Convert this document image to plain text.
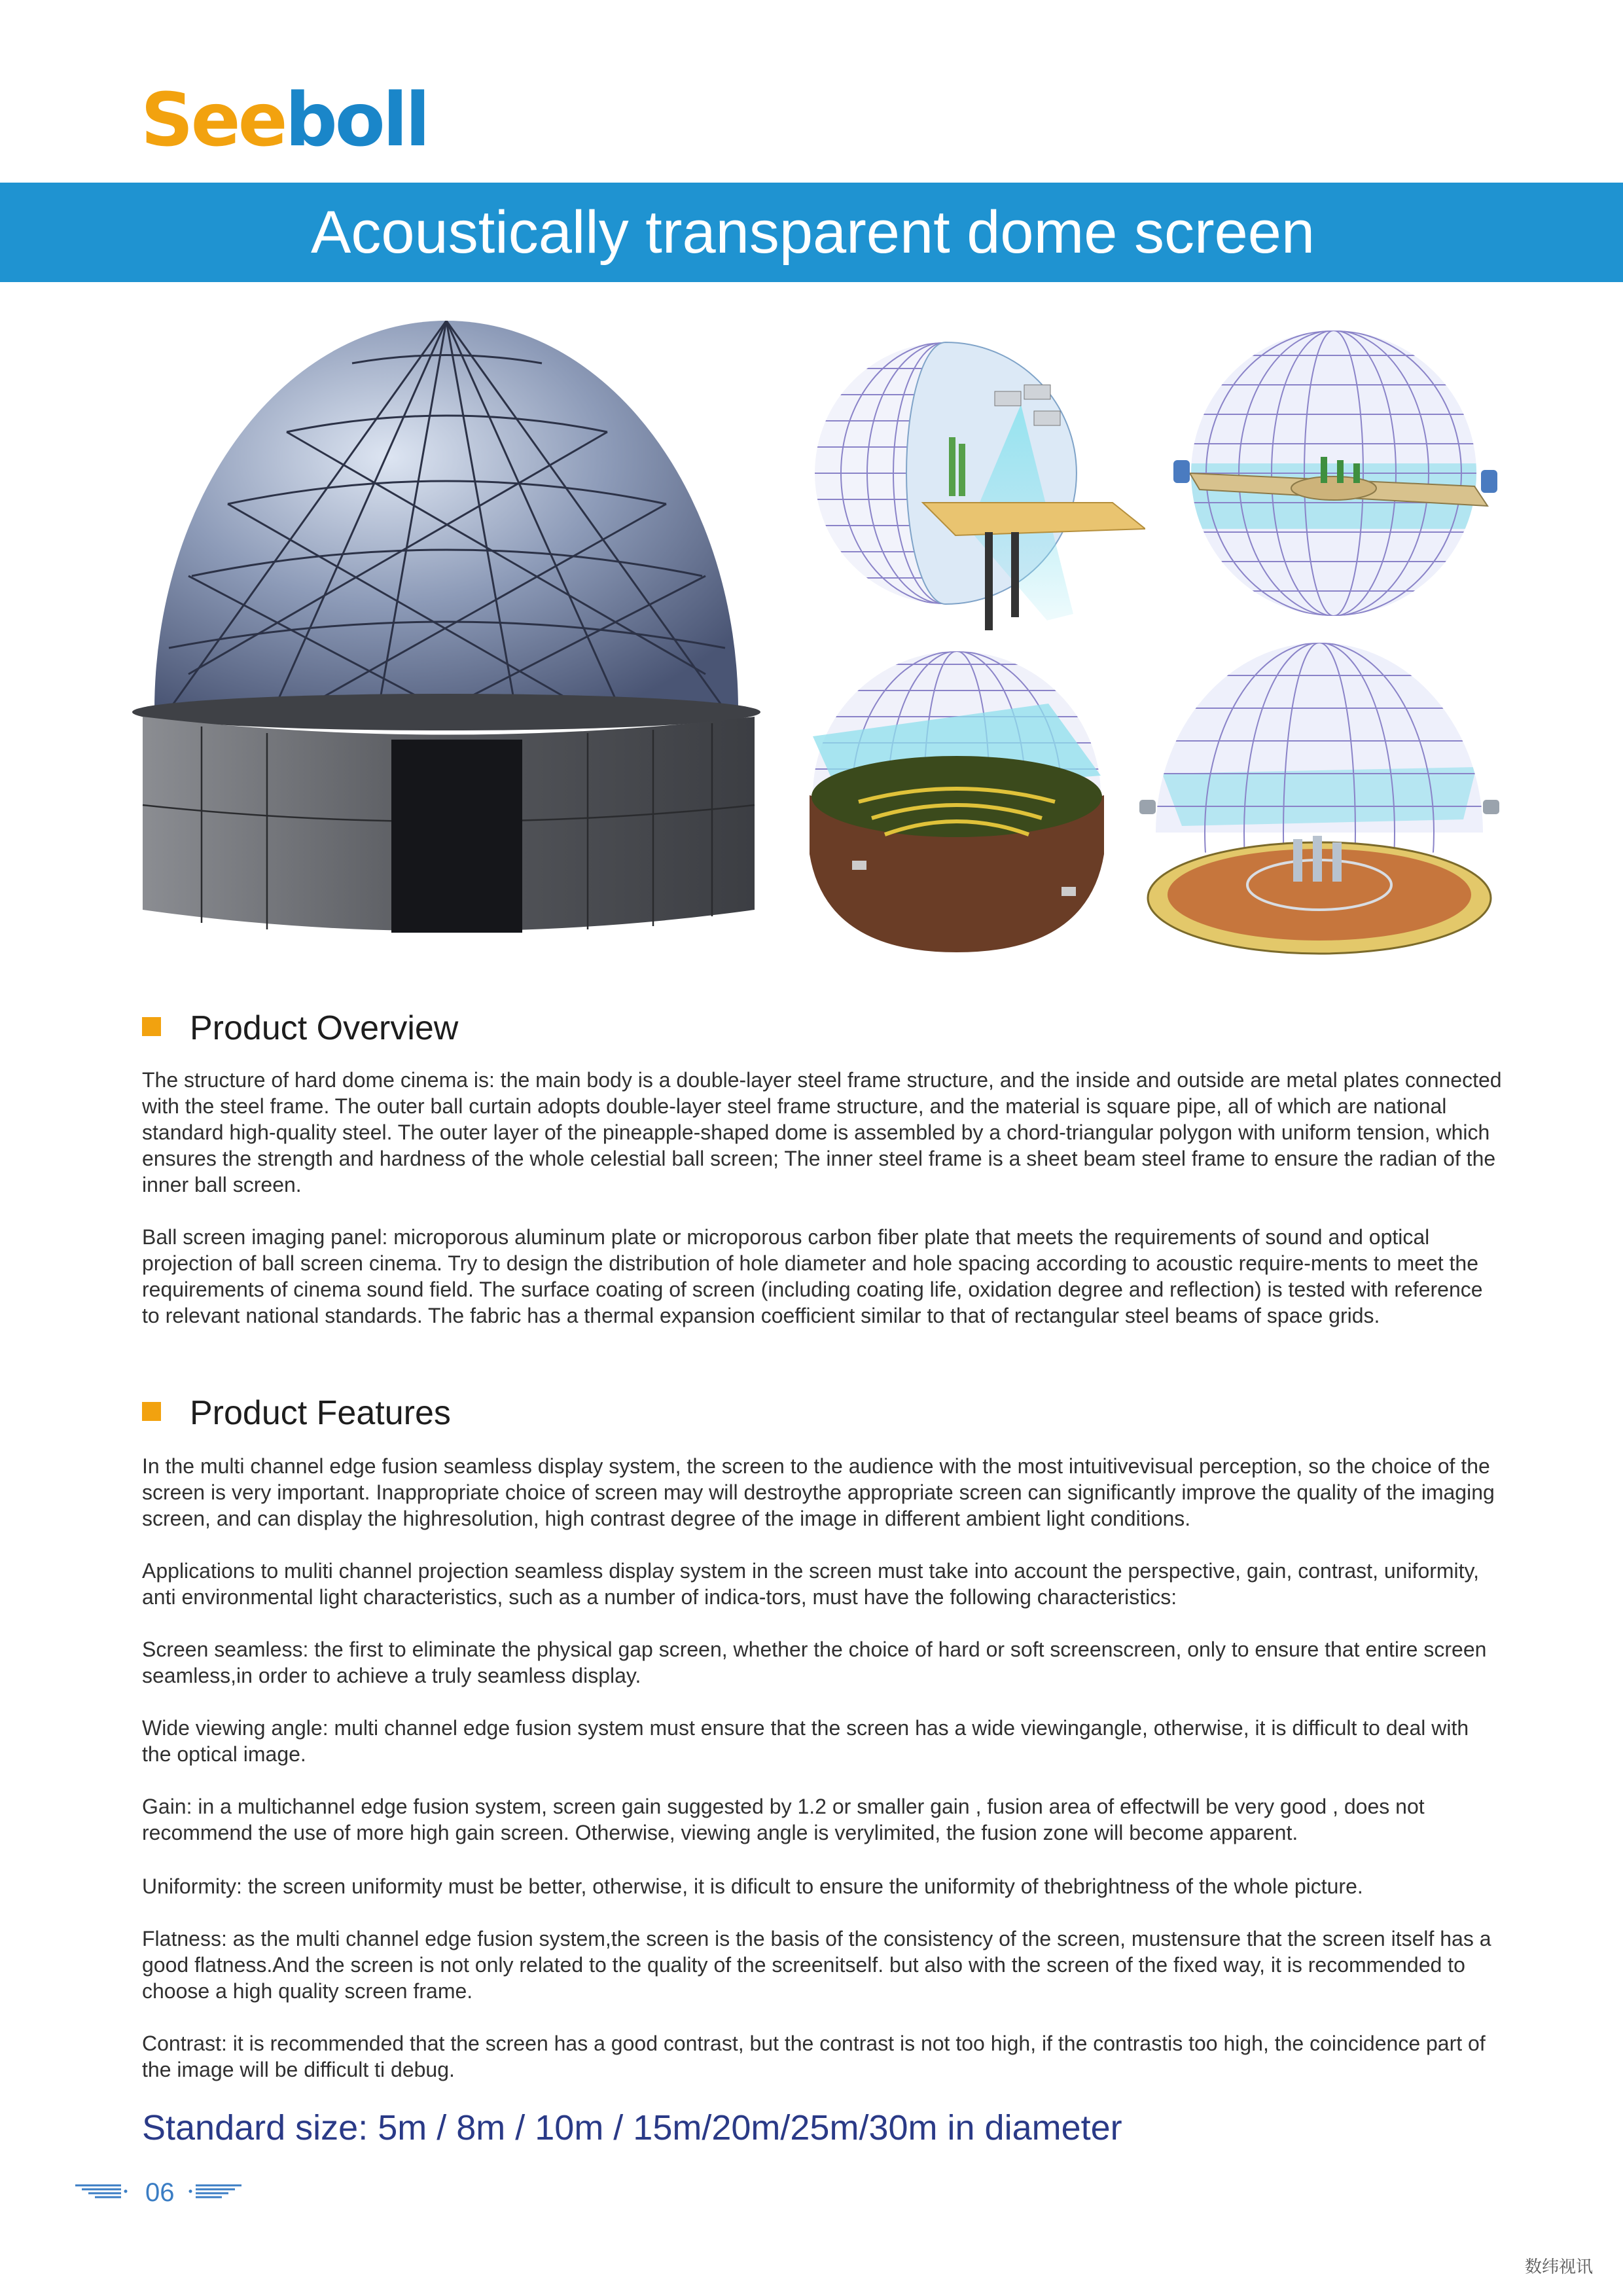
Seeboll
Acoustically transparent dome screen
Product Overview

The structure of hard dome cinema is: the main body is a double-layer steel frame structure, and the inside and outside are metal plates connected with the steel frame. The outer ball curtain adopts double-layer steel frame structure, and the material is square pipe, all of which are national standard high-quality steel. The outer layer of the pineapple-shaped dome is assembled by a chord-triangular polygon with uniform tension, which ensures the strength and hardness of the whole celestial ball screen; The inner steel frame is a sheet beam steel frame to ensure the radian of the inner ball screen.

Ball screen imaging panel: microporous aluminum plate or microporous carbon fiber plate that meets the requirements of sound and optical projection of ball screen cinema. Try to design the distribution of hole diameter and hole spacing according to acoustic require-ments to meet the requirements of cinema sound field. The surface coating of screen (including coating life, oxidation degree and reflection) is tested with reference to relevant national standards. The fabric has a thermal expansion coefficient similar to that of rectangular steel beams of space grids.

Product Features

In the multi channel edge fusion seamless display system, the screen to the audience with the most intuitivevisual perception, so the choice of the screen is very important. Inappropriate choice of screen may will destroythe appropriate screen can significantly improve the quality of the imaging screen, and can display the highresolution, high contrast degree of the image in different ambient light conditions.

Applications to muliti channel projection seamless display system in the screen must take into account the perspective, gain, contrast, uniformity, anti environmental light characteristics, such as a number of indica-tors, must have the following characteristics:

Screen seamless: the first to eliminate the physical gap screen, whether the choice of hard or soft screenscreen, only to ensure that entire screen seamless,in order to achieve a truly seamless display.

Wide viewing angle: multi channel edge fusion system must ensure that the screen has a wide viewingangle, otherwise, it is difficult to deal with the optical image.

Gain: in a multichannel edge fusion system, screen gain suggested by 1.2 or smaller gain , fusion area of effectwill be very good , does not recommend the use of more high gain screen. Otherwise, viewing angle is verylimited, the fusion zone will become apparent.

Uniformity: the screen uniformity must be better, otherwise, it is dificult to ensure the uniformity of thebrightness of the whole picture.

Flatness: as the multi channel edge fusion system,the screen is the basis of the consistency of the screen, mustensure that the screen itself has a good flatness.And the screen is not only related to the quality of the screenitself. but also with the screen of the fixed way, it is recommended to choose a high quality screen frame.

Contrast: it is recommended that the screen has a good contrast, but the contrast is not too high, if the contrastis too high, the coincidence part of the image will be difficult ti debug.

Standard size: 5m / 8m / 10m / 15m/20m/25m/30m in diameter
06
数纬视讯
